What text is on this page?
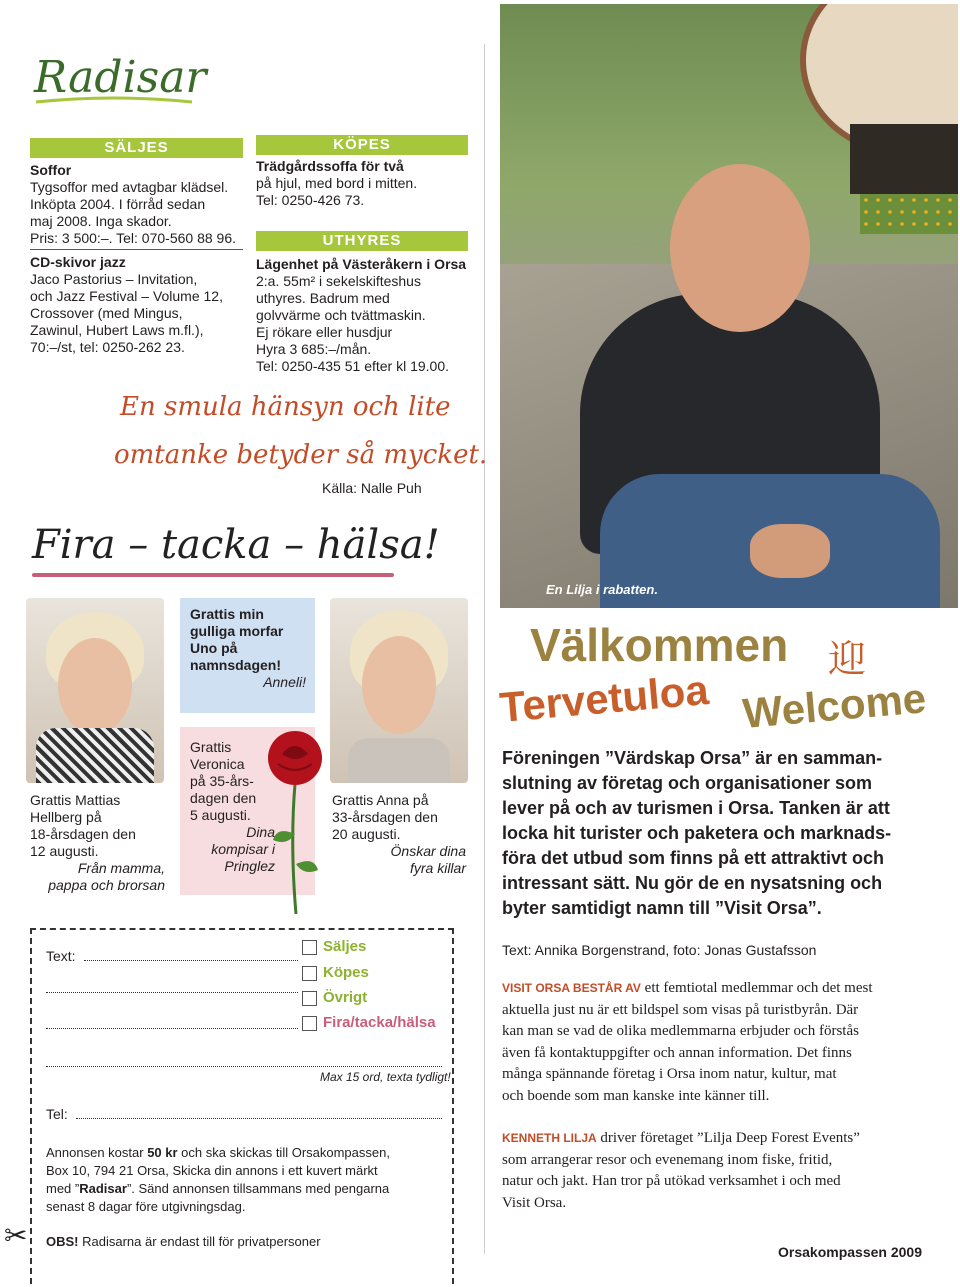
Radisar
SÄLJES

Soffor

Tygsoffor med avtagbar klädsel.

Inköpta 2004. I förråd sedan

maj 2008. Inga skador.

Pris: 3 500:–. Tel: 070-560 88 96.

CD-skivor jazz

Jaco Pastorius – Invitation,

och Jazz Festival – Volume 12,

Crossover (med Mingus,

Zawinul, Hubert Laws m.fl.),

70:–/st, tel: 0250-262 23.

KÖPES

Trädgårdssoffa för två

på hjul, med bord i mitten.

Tel: 0250-426 73.

UTHYRES

Lägenhet på Västeråkern i Orsa

2:a. 55m² i sekelskifteshus

uthyres. Badrum med

golvvärme och tvättmaskin.

Ej rökare eller husdjur

Hyra 3 685:–/mån.

Tel: 0250-435 51 efter kl 19.00.

En smula hänsyn och lite
omtanke betyder så mycket.
Källa: Nalle Puh
Fira – tacka – hälsa!

Grattis Mattias

Hellberg på

18-årsdagen den

12 augusti.

Från mamma,

pappa och brorsan

Grattis min

gulliga morfar

Uno på

namnsdagen!

Anneli!

Grattis

Veronica

på 35-års-

dagen den

5 augusti.

Dina

kompisar i

Pringlez

Grattis Anna på

33-årsdagen den

20 augusti.

Önskar dina

fyra killar

✂
Text:
Tel:
Säljes
Köpes
Övrigt
Fira/tacka/hälsa
Max 15 ord, texta tydligt!
Annonsen kostar 50 kr och ska skickas till Orsakompassen,
Box 10, 794 21 Orsa, Skicka din annons i ett kuvert märkt
med ”Radisar”. Sänd annonsen tillsammans med pengarna
senast 8 dagar före utgivningsdag.
OBS! Radisarna är endast till för privatpersoner
En Lilja i rabatten.
Välkommen 迎
Tervetuloa Welcome

Föreningen ”Värdskap Orsa” är en samman-

slutning av företag och organisationer som

lever på och av turismen i Orsa. Tanken är att

locka hit turister och paketera och marknads-

föra det utbud som finns på ett attraktivt och

intressant sätt. Nu gör de en nysatsning och

byter samtidigt namn till ”Visit Orsa”.

Text: Annika Borgenstrand, foto: Jonas Gustafsson

VISIT ORSA BESTÅR AV ett femtiotal medlemmar och det mest

aktuella just nu är ett bildspel som visas på turistbyrån. Där

kan man se vad de olika medlemmarna erbjuder och förstås

även få kontaktuppgifter och annan information. Det finns

många spännande företag i Orsa inom natur, kultur, mat

och boende som man kanske inte känner till.

KENNETH LILJA driver företaget ”Lilja Deep Forest Events”

som arrangerar resor och evenemang inom fiske, fritid,

natur och jakt. Han tror på utökad verksamhet i och med

Visit Orsa.

Orsakompassen 2009
